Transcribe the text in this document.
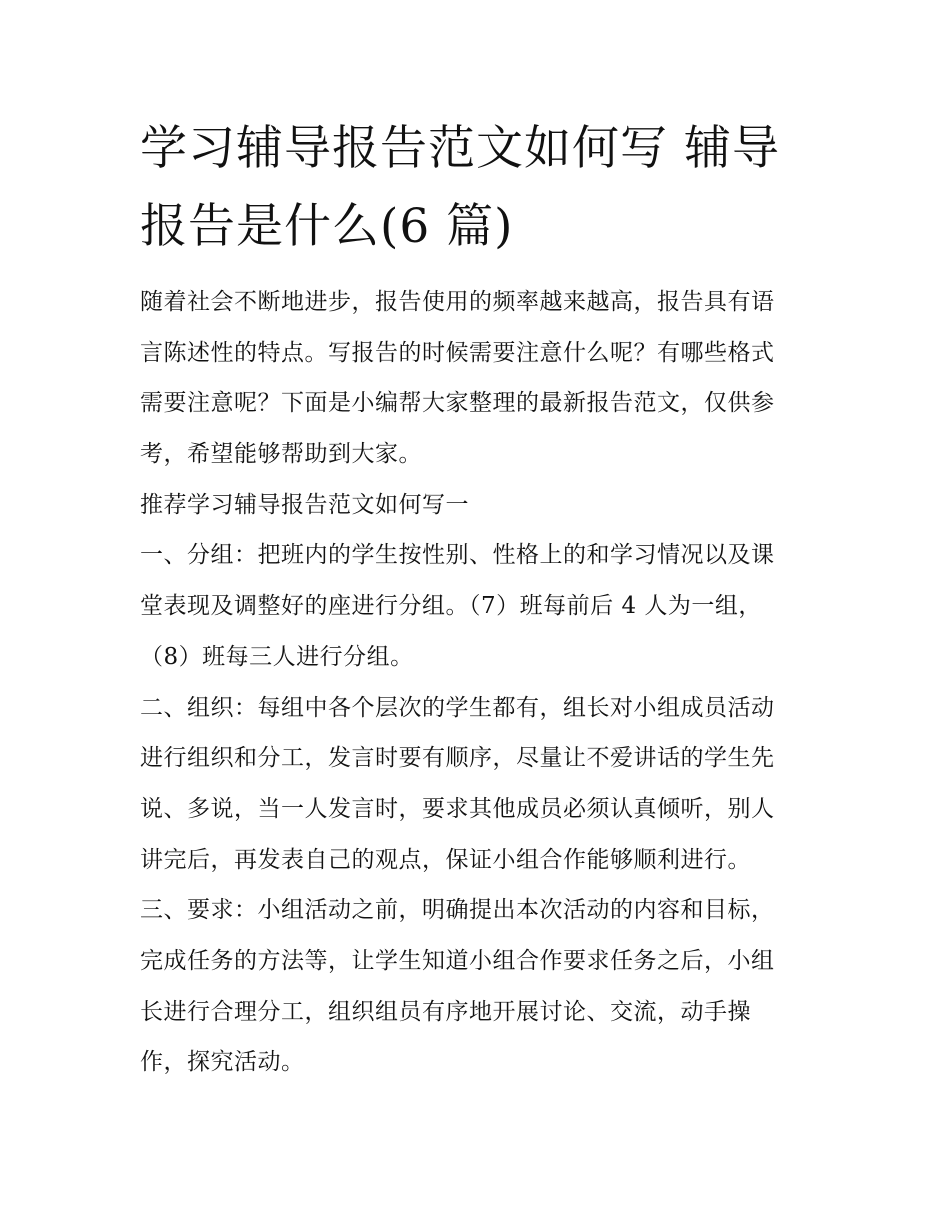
学习辅导报告范文如何写 辅导
报告是什么(6 篇)
随着社会不断地进步，报告使用的频率越来越高，报告具有语
言陈述性的特点。写报告的时候需要注意什么呢？有哪些格式
需要注意呢？下面是小编帮大家整理的最新报告范文，仅供参
考，希望能够帮助到大家。
推荐学习辅导报告范文如何写一
一、分组：把班内的学生按性别、性格上的和学习情况以及课
堂表现及调整好的座进行分组。（7）班每前后 4 人为一组，
（8）班每三人进行分组。
二、组织：每组中各个层次的学生都有，组长对小组成员活动
进行组织和分工，发言时要有顺序，尽量让不爱讲话的学生先
说、多说，当一人发言时，要求其他成员必须认真倾听，别人
讲完后，再发表自己的观点，保证小组合作能够顺利进行。
三、要求：小组活动之前，明确提出本次活动的内容和目标，
完成任务的方法等，让学生知道小组合作要求任务之后，小组
长进行合理分工，组织组员有序地开展讨论、交流，动手操
作，探究活动。
